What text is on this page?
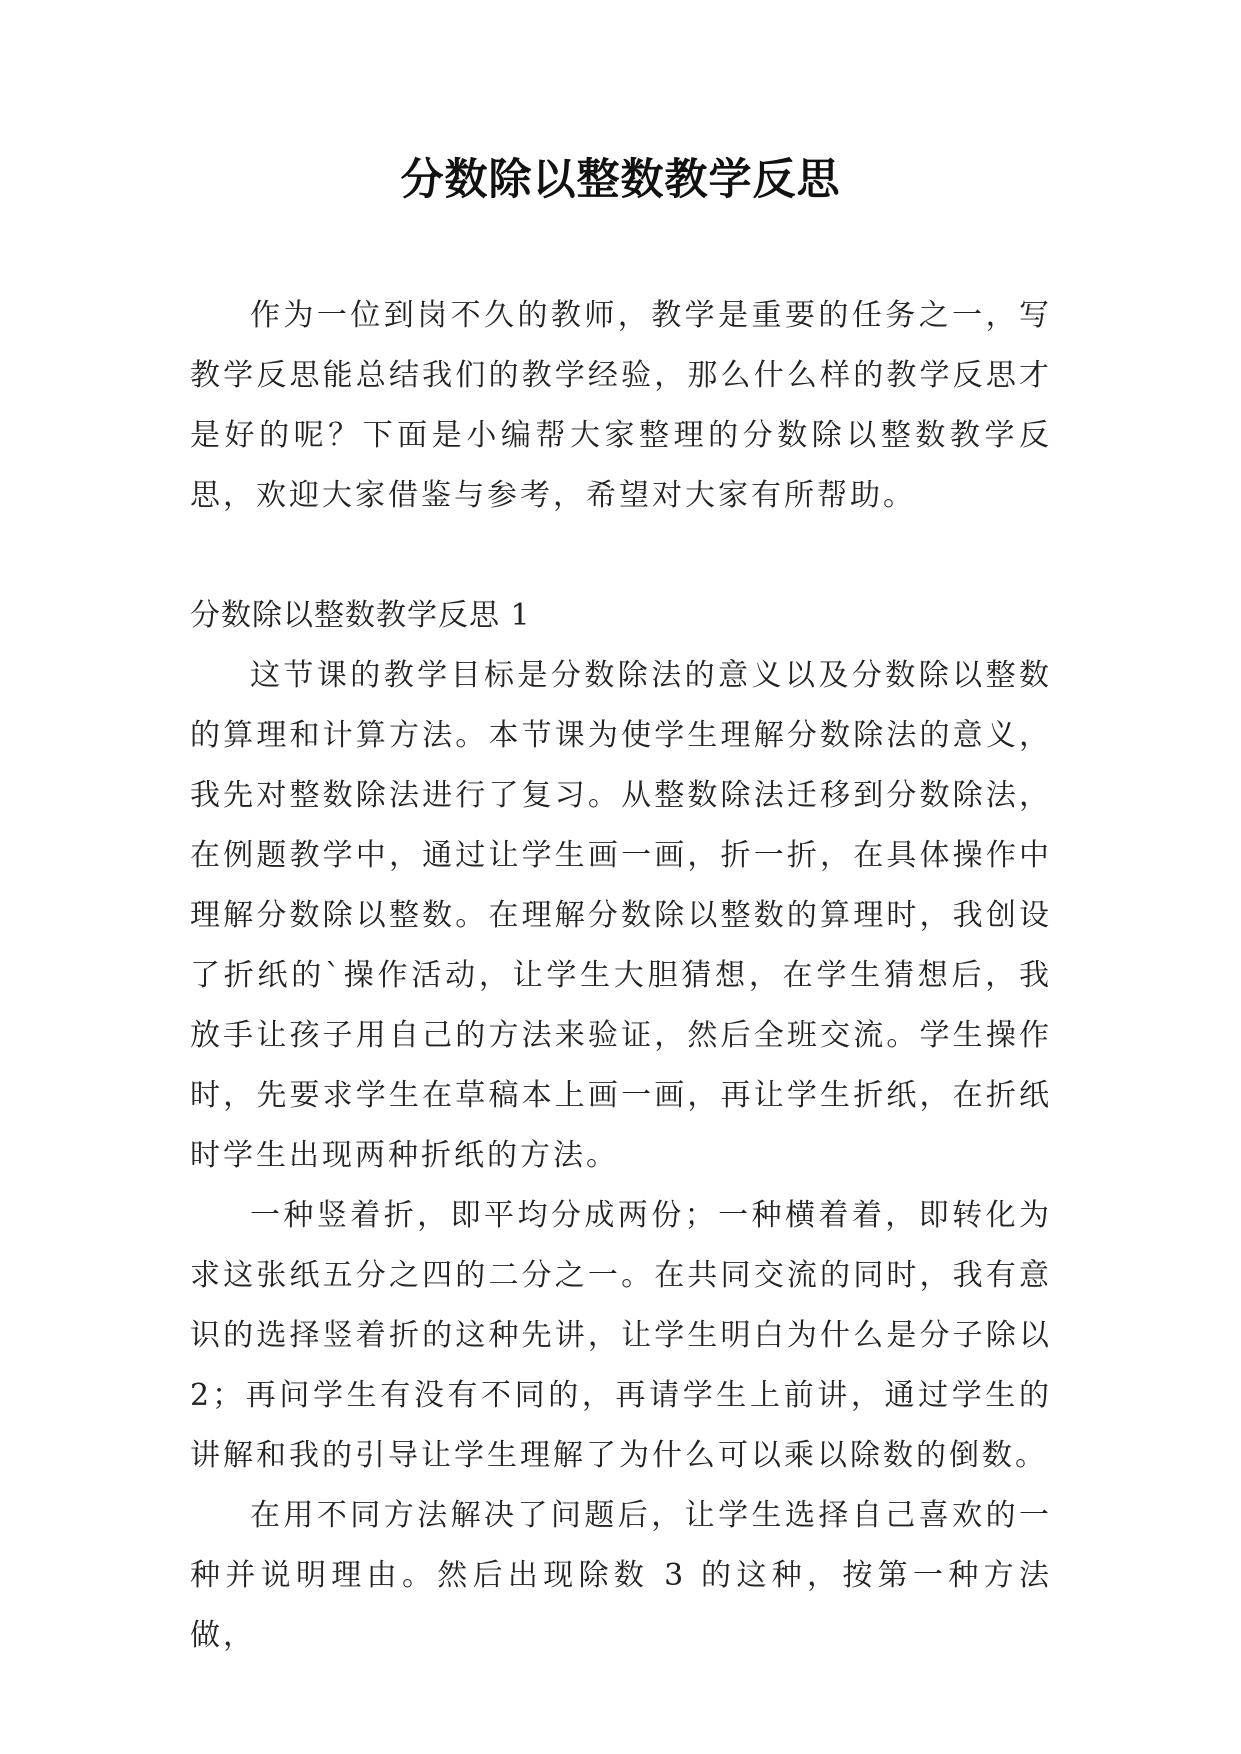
分数除以整数教学反思

作为一位到岗不久的教师，教学是重要的任务之一，写教学反思能总结我们的教学经验，那么什么样的教学反思才是好的呢？下面是小编帮大家整理的分数除以整数教学反思，欢迎大家借鉴与参考，希望对大家有所帮助。

分数除以整数教学反思 1

这节课的教学目标是分数除法的意义以及分数除以整数的算理和计算方法。本节课为使学生理解分数除法的意义，我先对整数除法进行了复习。从整数除法迁移到分数除法，在例题教学中，通过让学生画一画，折一折，在具体操作中理解分数除以整数。在理解分数除以整数的算理时，我创设了折纸的`操作活动，让学生大胆猜想，在学生猜想后，我放手让孩子用自己的方法来验证，然后全班交流。学生操作时，先要求学生在草稿本上画一画，再让学生折纸，在折纸时学生出现两种折纸的方法。

一种竖着折，即平均分成两份；一种横着着，即转化为求这张纸五分之四的二分之一。在共同交流的同时，我有意识的选择竖着折的这种先讲，让学生明白为什么是分子除以2；再问学生有没有不同的，再请学生上前讲，通过学生的讲解和我的引导让学生理解了为什么可以乘以除数的倒数。

在用不同方法解决了问题后，让学生选择自己喜欢的一种并说明理由。然后出现除数 3 的这种，按第一种方法做，
